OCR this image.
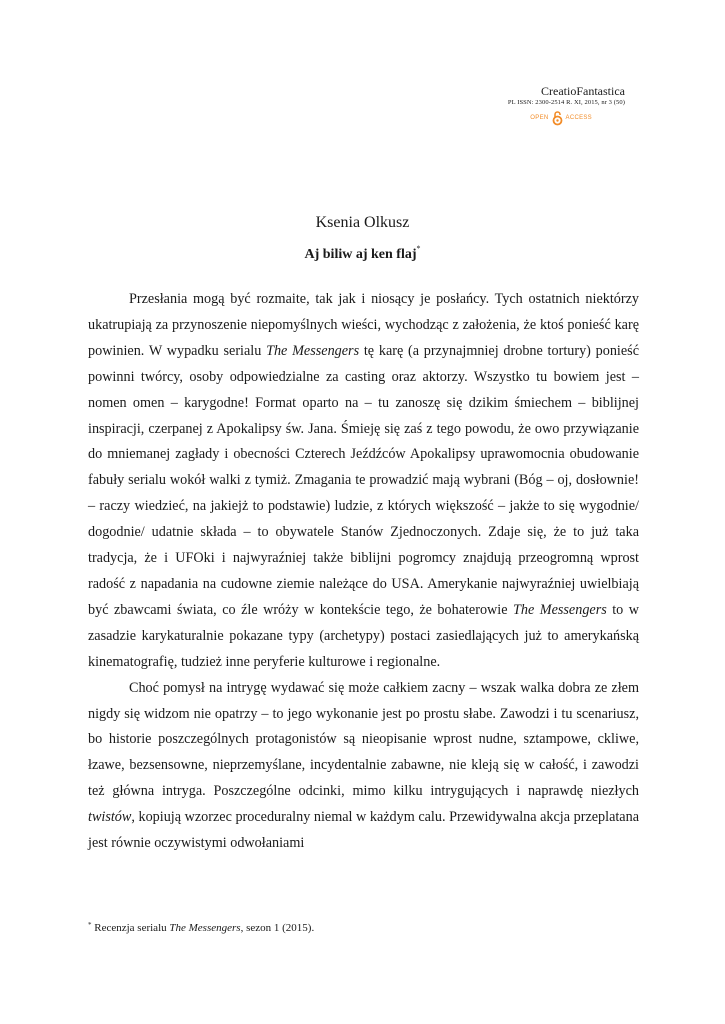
CreatioFantastica
PL ISSN: 2300-2514 R. XI, 2015, nr 3 (50)
OPEN	ACCESS
Ksenia Olkusz
Aj biliw aj ken flaj*

Przesłania mogą być rozmaite, tak jak i niosący je posłańcy. Tych ostatnich niektórzy ukatrupiają za przynoszenie niepomyślnych wieści, wychodząc z założenia, że ktoś ponieść karę powinien. W wypadku serialu The Messengers tę karę (a przynajmniej drobne tortury) ponieść powinni twórcy, osoby odpowiedzialne za casting oraz aktorzy. Wszystko tu bowiem jest – nomen omen – karygodne! Format oparto na – tu zanoszę się dzikim śmiechem – biblijnej inspiracji, czerpanej z Apokalipsy św. Jana. Śmieję się zaś z tego powodu, że owo przywiązanie do mniemanej zagłady i obecności Czterech Jeźdźców Apokalipsy uprawomocnia obudowanie fabuły serialu wokół walki z tymiż. Zmagania te prowadzić mają wybrani (Bóg – oj, dosłownie! – raczy wiedzieć, na jakiejż to podstawie) ludzie, z których większość – jakże to się wygodnie/ dogodnie/ udatnie składa – to obywatele Stanów Zjednoczonych. Zdaje się, że to już taka tradycja, że i UFOki i najwyraźniej także biblijni pogromcy znajdują przeogromną wprost radość z napadania na cudowne ziemie należące do USA. Amerykanie najwyraźniej uwielbiają być zbawcami świata, co źle wróży w kontekście tego, że bohaterowie The Messengers to w zasadzie karykaturalnie pokazane typy (archetypy) postaci zasiedlających już to amerykańską kinematografię, tudzież inne peryferie kulturowe i regionalne.

Choć pomysł na intrygę wydawać się może całkiem zacny – wszak walka dobra ze złem nigdy się widzom nie opatrzy – to jego wykonanie jest po prostu słabe. Zawodzi i tu scenariusz, bo historie poszczególnych protagonistów są nieopisanie wprost nudne, sztampowe, ckliwe, łzawe, bezsensowne, nieprzemyślane, incydentalnie zabawne, nie kleją się w całość, i zawodzi też główna intryga. Poszczególne odcinki, mimo kilku intrygujących i naprawdę niezłych twistów, kopiują wzorzec proceduralny niemal w każdym calu. Przewidywalna akcja przeplatana jest równie oczywistymi odwołaniami

* Recenzja serialu The Messengers, sezon 1 (2015).
